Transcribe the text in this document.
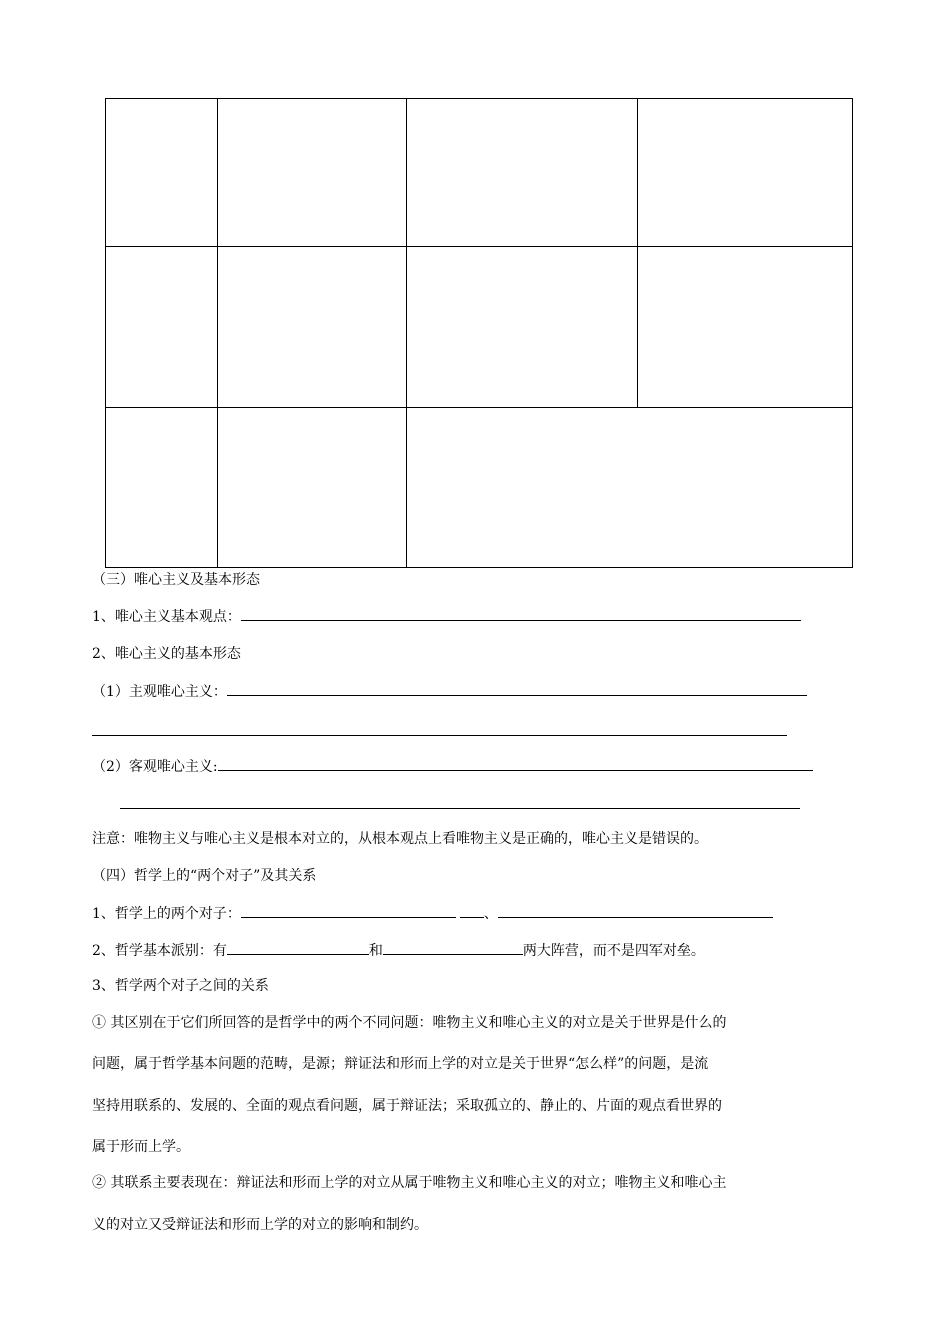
（三）唯心主义及基本形态
1、唯心主义基本观点：
2、唯心主义的基本形态
（1）主观唯心主义：
（2）客观唯心主义:
注意：唯物主义与唯心主义是根本对立的，从根本观点上看唯物主义是正确的，唯心主义是错误的。
（四）哲学上的“两个对子”及其关系
1、哲学上的两个对子：	、
2、哲学基本派别：有	和	两大阵营，而不是四军对垒。
3、哲学两个对子之间的关系
① 其区别在于它们所回答的是哲学中的两个不同问题：唯物主义和唯心主义的对立是关于世界是什么的
问题，属于哲学基本问题的范畴，是源；辩证法和形而上学的对立是关于世界“怎么样”的问题，是流
坚持用联系的、发展的、全面的观点看问题，属于辩证法；采取孤立的、静止的、片面的观点看世界的
属于形而上学。
② 其联系主要表现在：辩证法和形而上学的对立从属于唯物主义和唯心主义的对立；唯物主义和唯心主
义的对立又受辩证法和形而上学的对立的影响和制约。
